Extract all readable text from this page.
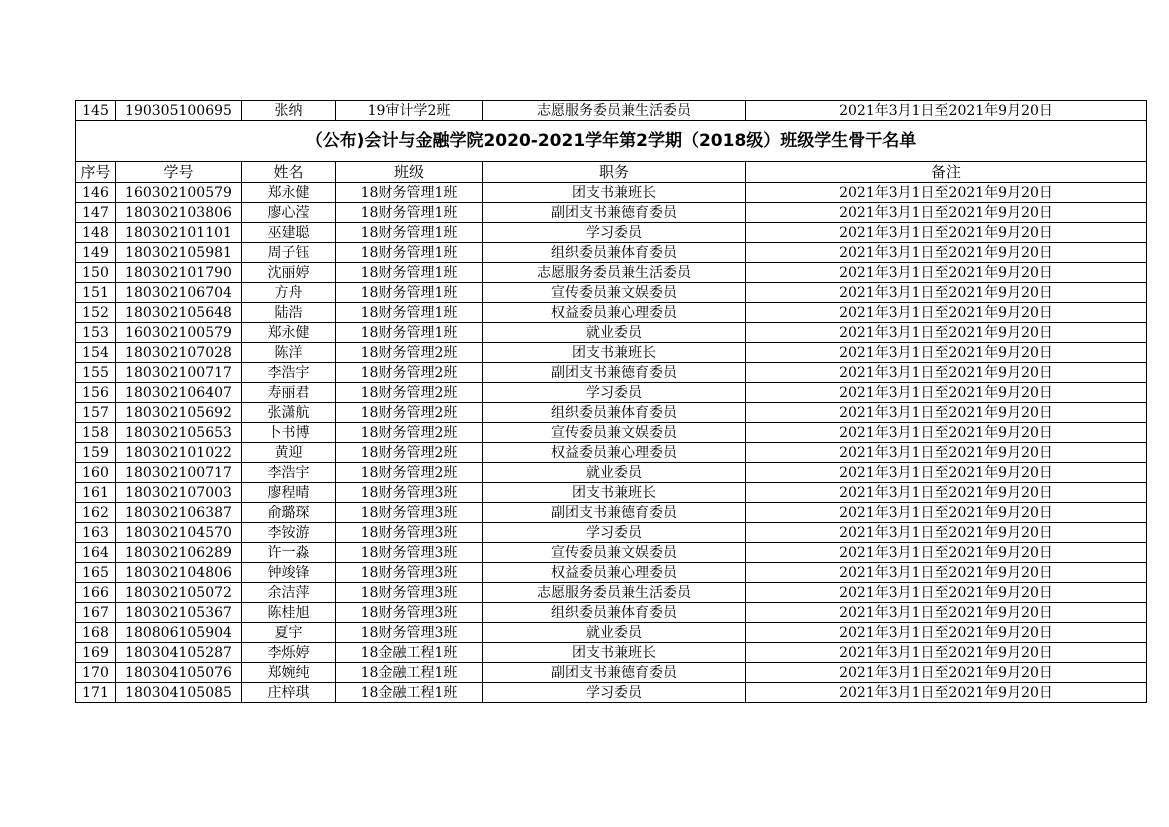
145	190305100695	张纳	19审计学2班	志愿服务委员兼生活委员	2021年3月1日至2021年9月20日
（公布)会计与金融学院2020-2021学年第2学期（2018级）班级学生骨干名单					
序号	学号	姓名	班级	职务	备注
146	160302100579	郑永健	18财务管理1班	团支书兼班长	2021年3月1日至2021年9月20日
147	180302103806	廖心滢	18财务管理1班	副团支书兼德育委员	2021年3月1日至2021年9月20日
148	180302101101	巫建聪	18财务管理1班	学习委员	2021年3月1日至2021年9月20日
149	180302105981	周子钰	18财务管理1班	组织委员兼体育委员	2021年3月1日至2021年9月20日
150	180302101790	沈丽婷	18财务管理1班	志愿服务委员兼生活委员	2021年3月1日至2021年9月20日
151	180302106704	方舟	18财务管理1班	宣传委员兼文娱委员	2021年3月1日至2021年9月20日
152	180302105648	陆浩	18财务管理1班	权益委员兼心理委员	2021年3月1日至2021年9月20日
153	160302100579	郑永健	18财务管理1班	就业委员	2021年3月1日至2021年9月20日
154	180302107028	陈洋	18财务管理2班	团支书兼班长	2021年3月1日至2021年9月20日
155	180302100717	李浩宇	18财务管理2班	副团支书兼德育委员	2021年3月1日至2021年9月20日
156	180302106407	寿丽君	18财务管理2班	学习委员	2021年3月1日至2021年9月20日
157	180302105692	张潇航	18财务管理2班	组织委员兼体育委员	2021年3月1日至2021年9月20日
158	180302105653	卜书博	18财务管理2班	宣传委员兼文娱委员	2021年3月1日至2021年9月20日
159	180302101022	黄迎	18财务管理2班	权益委员兼心理委员	2021年3月1日至2021年9月20日
160	180302100717	李浩宇	18财务管理2班	就业委员	2021年3月1日至2021年9月20日
161	180302107003	廖程晴	18财务管理3班	团支书兼班长	2021年3月1日至2021年9月20日
162	180302106387	俞璐琛	18财务管理3班	副团支书兼德育委员	2021年3月1日至2021年9月20日
163	180302104570	李铵游	18财务管理3班	学习委员	2021年3月1日至2021年9月20日
164	180302106289	许一淼	18财务管理3班	宣传委员兼文娱委员	2021年3月1日至2021年9月20日
165	180302104806	钟竣锋	18财务管理3班	权益委员兼心理委员	2021年3月1日至2021年9月20日
166	180302105072	余洁萍	18财务管理3班	志愿服务委员兼生活委员	2021年3月1日至2021年9月20日
167	180302105367	陈桂旭	18财务管理3班	组织委员兼体育委员	2021年3月1日至2021年9月20日
168	180806105904	夏宇	18财务管理3班	就业委员	2021年3月1日至2021年9月20日
169	180304105287	李烁婷	18金融工程1班	团支书兼班长	2021年3月1日至2021年9月20日
170	180304105076	郑婉纯	18金融工程1班	副团支书兼德育委员	2021年3月1日至2021年9月20日
171	180304105085	庄梓琪	18金融工程1班	学习委员	2021年3月1日至2021年9月20日
